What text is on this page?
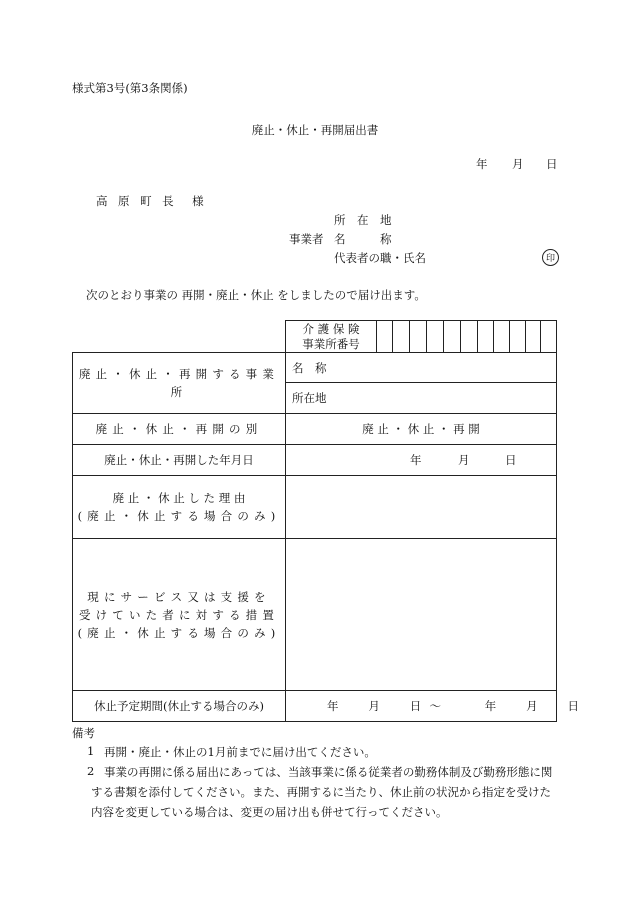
様式第3号(第3条関係)
廃止・休止・再開届出書
年 月 日
高 原 町 長　様
所　在　地
事業者 名　　　称
代表者の職・氏名	印
次のとおり事業の 再開・廃止・休止 をしましたので届け出ます。
介 護 保 険
事業所番号
廃止・休止・再開する事業所
名　称
所在地
廃止・休止・再開の別	廃 止 ・ 休 止 ・ 再 開
廃止・休止・再開した年月日	年	月	日
廃 止 ・ 休 止 し た 理 由
(廃止・休止する場合のみ)
現にサービス又は支援を
受けていた者に対する措置
(廃止・休止する場合のみ)
休止予定期間(休止する場合のみ)	年　　月　　日 〜　　　年　　月　　日
備考
1 再開・廃止・休止の1月前までに届け出てください。
2 事業の再開に係る届出にあっては、当該事業に係る従業者の勤務体制及び勤務形態に関
する書類を添付してください。また、再開するに当たり、休止前の状況から指定を受けた
内容を変更している場合は、変更の届け出も併せて行ってください。
